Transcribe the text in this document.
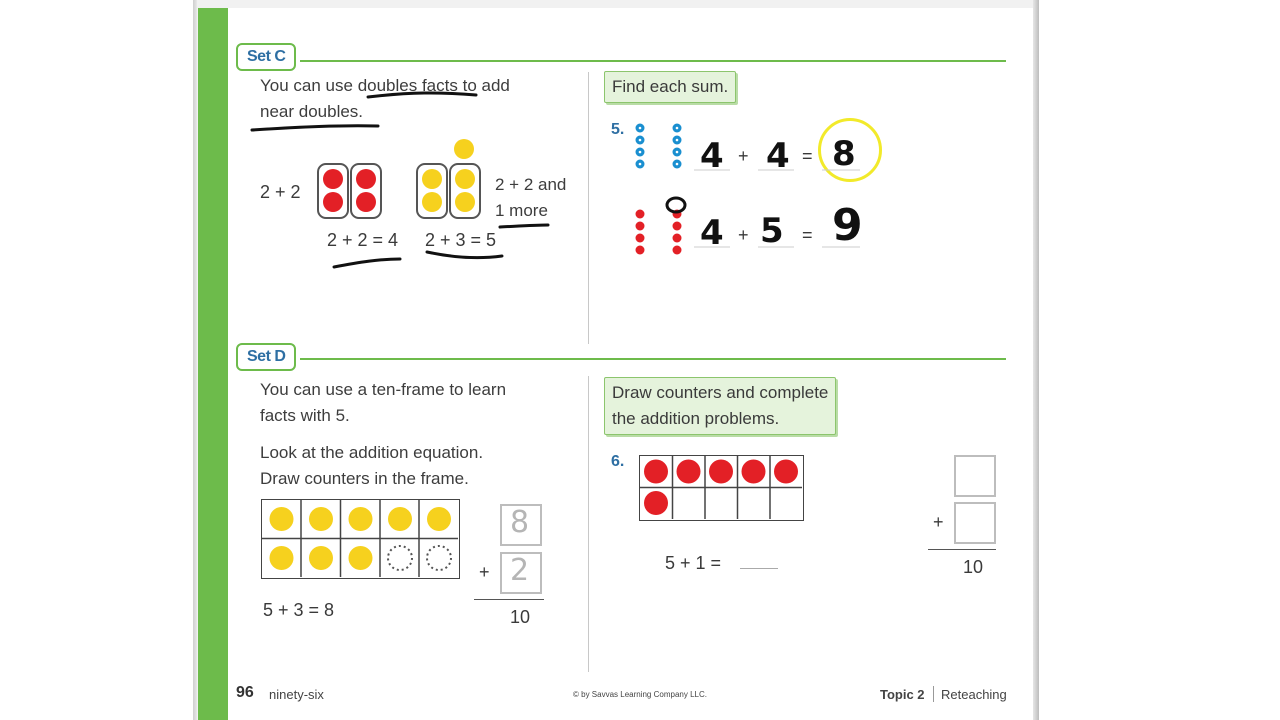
Set C
You can use doubles facts to add
near doubles.
2 + 2	2 + 2 and
1 more
2 + 2 = 4 2 + 3 = 5
Find each sum.
5.
4 + 4 = 8
4 + 5 = 9
Set D
You can use a ten-frame to learn
facts with 5.
Look at the addition equation.
Draw counters in the frame.
5 + 3 = 8
8
+ 2
10
Draw counters and complete
the addition problems.
6.
5 + 1 =
+
10
96 ninety-six	© by Savvas Learning Company LLC.	Topic 2 Reteaching
